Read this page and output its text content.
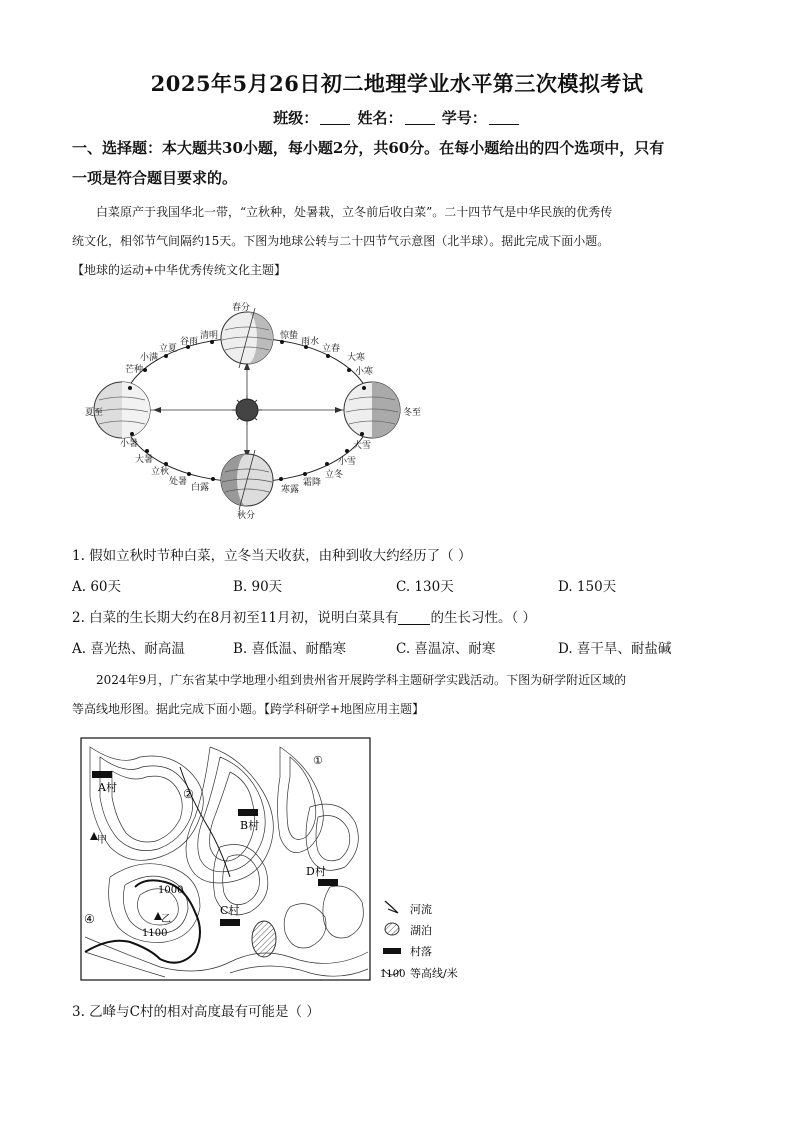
2025年5月26日初二地理学业水平第三次模拟考试
班级：	姓名：	学号：
一、选择题：本大题共30小题，每小题2分，共60分。在每小题给出的四个选项中，只有
一项是符合题目要求的。
白菜原产于我国华北一带，“立秋种，处暑栽，立冬前后收白菜”。二十四节气是中华民族的优秀传
统文化，相邻节气间隔约15天。下图为地球公转与二十四节气示意图（北半球）。据此完成下面小题。
【地球的运动+中华优秀传统文化主题】
春分
夏至
秋分
冬至
清明
谷雨
立夏
小满
芒种
小暑
大暑
立秋
处暑
白露	寒露
霜降
立冬
小雪
大雪
小寒
大寒
立春
雨水
惊蛰
1. 假如立秋时节种白菜，立冬当天收获，由种到收大约经历了（ ）
A. 60天	B. 90天	C. 130天	D. 150天
2. 白菜的生长期大约在8月初至11月初，说明白菜具有 的生长习性。（ ）
A. 喜光热、耐高温	B. 喜低温、耐酷寒	C. 喜温凉、耐寒	D. 喜干旱、耐盐碱
2024年9月，广东省某中学地理小组到贵州省开展跨学科主题研学实践活动。下图为研学附近区域的
等高线地形图。据此完成下面小题。【跨学科研学+地图应用主题】
A村
B村
C村
D村
甲
乙
1000
1100
①
②
④
河流
湖泊
村落
1100 等高线/米
3. 乙峰与C村的相对高度最有可能是（ ）
